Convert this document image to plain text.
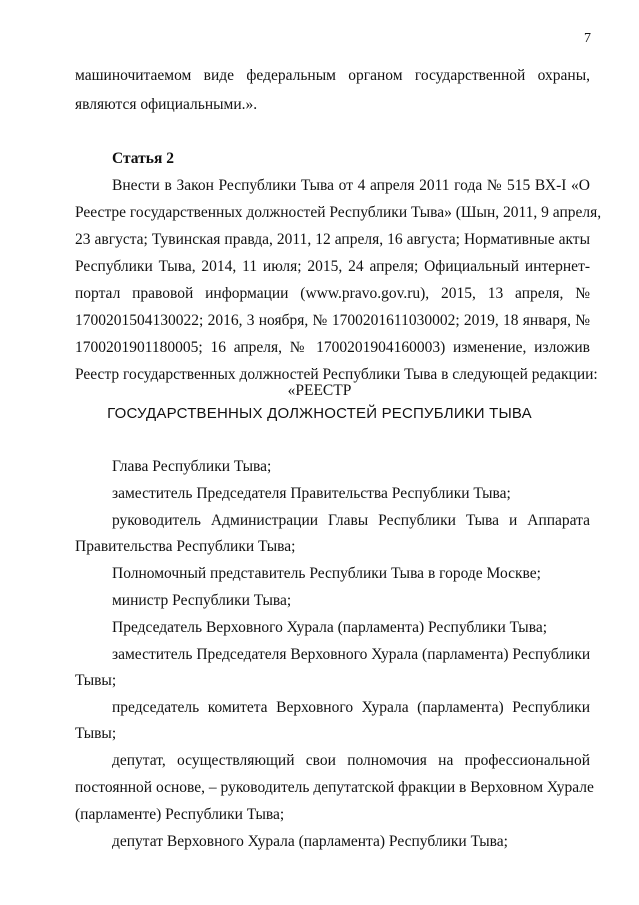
7
машиночитаемом виде федеральным органом государственной охраны,
являются официальными.».
Статья 2
Внести в Закон Республики Тыва от 4 апреля 2011 года № 515 ВХ-I «О
Реестре государственных должностей Республики Тыва» (Шын, 2011, 9 апреля,
23 августа; Тувинская правда, 2011, 12 апреля, 16 августа; Нормативные акты
Республики Тыва, 2014, 11 июля; 2015, 24 апреля; Официальный интернет-
портал правовой информации (www.pravo.gov.ru), 2015, 13 апреля, №
1700201504130022; 2016, 3 ноября, № 1700201611030002; 2019, 18 января, №
1700201901180005; 16 апреля, № 1700201904160003) изменение, изложив
Реестр государственных должностей Республики Тыва в следующей редакции:
«РЕЕСТР
ГОСУДАРСТВЕННЫХ ДОЛЖНОСТЕЙ РЕСПУБЛИКИ ТЫВА
Глава Республики Тыва;
заместитель Председателя Правительства Республики Тыва;
руководитель Администрации Главы Республики Тыва и Аппарата
Правительства Республики Тыва;
Полномочный представитель Республики Тыва в городе Москве;
министр Республики Тыва;
Председатель Верховного Хурала (парламента) Республики Тыва;
заместитель Председателя Верховного Хурала (парламента) Республики
Тывы;
председатель комитета Верховного Хурала (парламента) Республики
Тывы;
депутат, осуществляющий свои полномочия на профессиональной
постоянной основе, – руководитель депутатской фракции в Верховном Хурале
(парламенте) Республики Тыва;
депутат Верховного Хурала (парламента) Республики Тыва;
